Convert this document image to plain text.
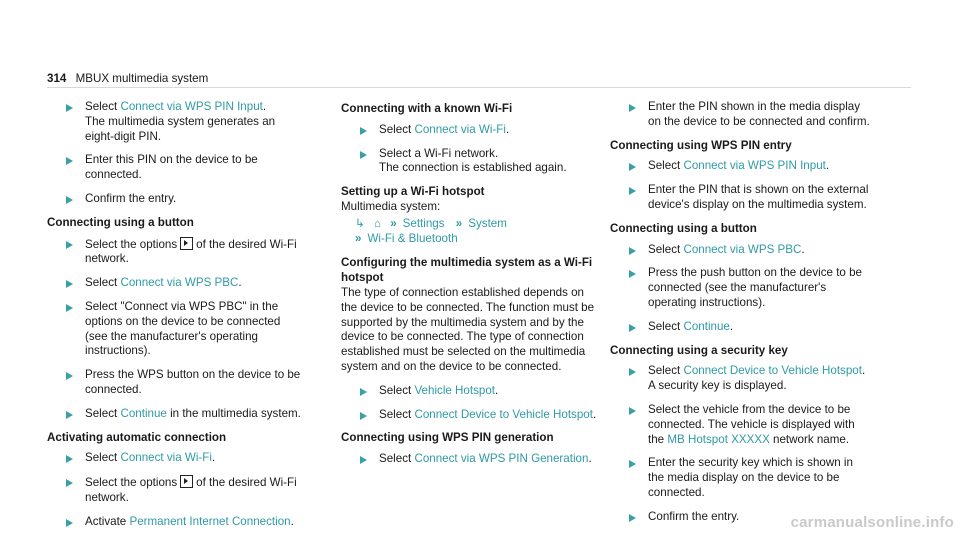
314 MBUX multimedia system
Select Connect via WPS PIN Input.
The multimedia system generates an eight-digit PIN.
Enter this PIN on the device to be connected.
Confirm the entry.
Connecting using a button
Select the options of the desired Wi-Fi network.
Select Connect via WPS PBC.
Select "Connect via WPS PBC" in the options on the device to be connected (see the manufacturer's operating instructions).
Press the WPS button on the device to be connected.
Select Continue in the multimedia system.
Activating automatic connection
Select Connect via Wi-Fi.
Select the options of the desired Wi-Fi network.
Activate Permanent Internet Connection.
Connecting with a known Wi-Fi
Select Connect via Wi-Fi.
Select a Wi-Fi network.
The connection is established again.
Setting up a Wi-Fi hotspot
Multimedia system:
↳ ⌂ » Settings » System
» Wi-Fi & Bluetooth
Configuring the multimedia system as a Wi-Fi hotspot
The type of connection established depends on the device to be connected. The function must be supported by the multimedia system and by the device to be connected. The type of connection established must be selected on the multimedia system and on the device to be connected.
Select Vehicle Hotspot.
Select Connect Device to Vehicle Hotspot.
Connecting using WPS PIN generation
Select Connect via WPS PIN Generation.
Enter the PIN shown in the media display on the device to be connected and confirm.
Connecting using WPS PIN entry
Select Connect via WPS PIN Input.
Enter the PIN that is shown on the external device's display on the multimedia system.
Connecting using a button
Select Connect via WPS PBC.
Press the push button on the device to be connected (see the manufacturer's operating instructions).
Select Continue.
Connecting using a security key
Select Connect Device to Vehicle Hotspot.
A security key is displayed.
Select the vehicle from the device to be connected. The vehicle is displayed with the MB Hotspot XXXXX network name.
Enter the security key which is shown in the media display on the device to be connected.
Confirm the entry.	carmanualsonline.info
